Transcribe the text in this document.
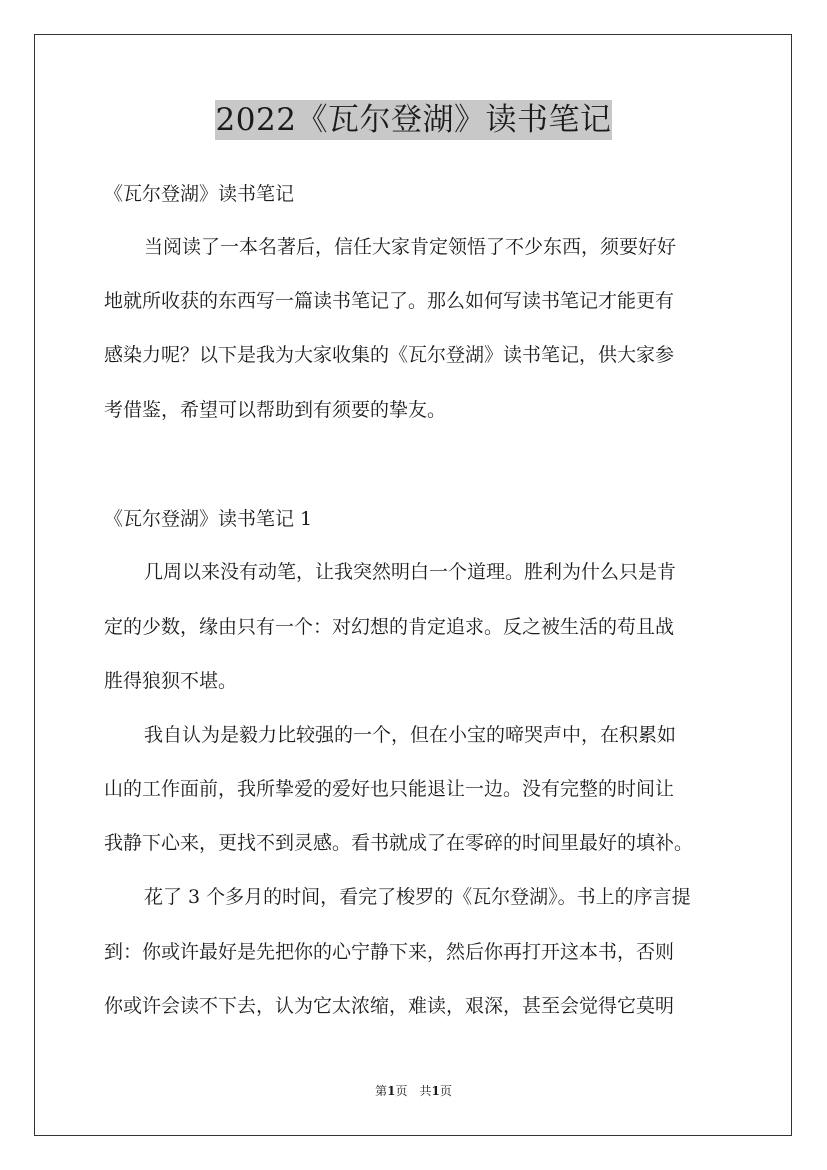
2022《瓦尔登湖》读书笔记

《瓦尔登湖》读书笔记

当阅读了一本名著后，信任大家肯定领悟了不少东西，须要好好

地就所收获的东西写一篇读书笔记了。那么如何写读书笔记才能更有

感染力呢？以下是我为大家收集的《瓦尔登湖》读书笔记，供大家参

考借鉴，希望可以帮助到有须要的挚友。

《瓦尔登湖》读书笔记 1

几周以来没有动笔，让我突然明白一个道理。胜利为什么只是肯

定的少数，缘由只有一个：对幻想的肯定追求。反之被生活的苟且战

胜得狼狈不堪。

我自认为是毅力比较强的一个，但在小宝的啼哭声中，在积累如

山的工作面前，我所挚爱的爱好也只能退让一边。没有完整的时间让

我静下心来，更找不到灵感。看书就成了在零碎的时间里最好的填补。

花了 3 个多月的时间，看完了梭罗的《瓦尔登湖》。书上的序言提

到：你或许最好是先把你的心宁静下来，然后你再打开这本书，否则

你或许会读不下去，认为它太浓缩，难读，艰深，甚至会觉得它莫明

第1页 共1页
